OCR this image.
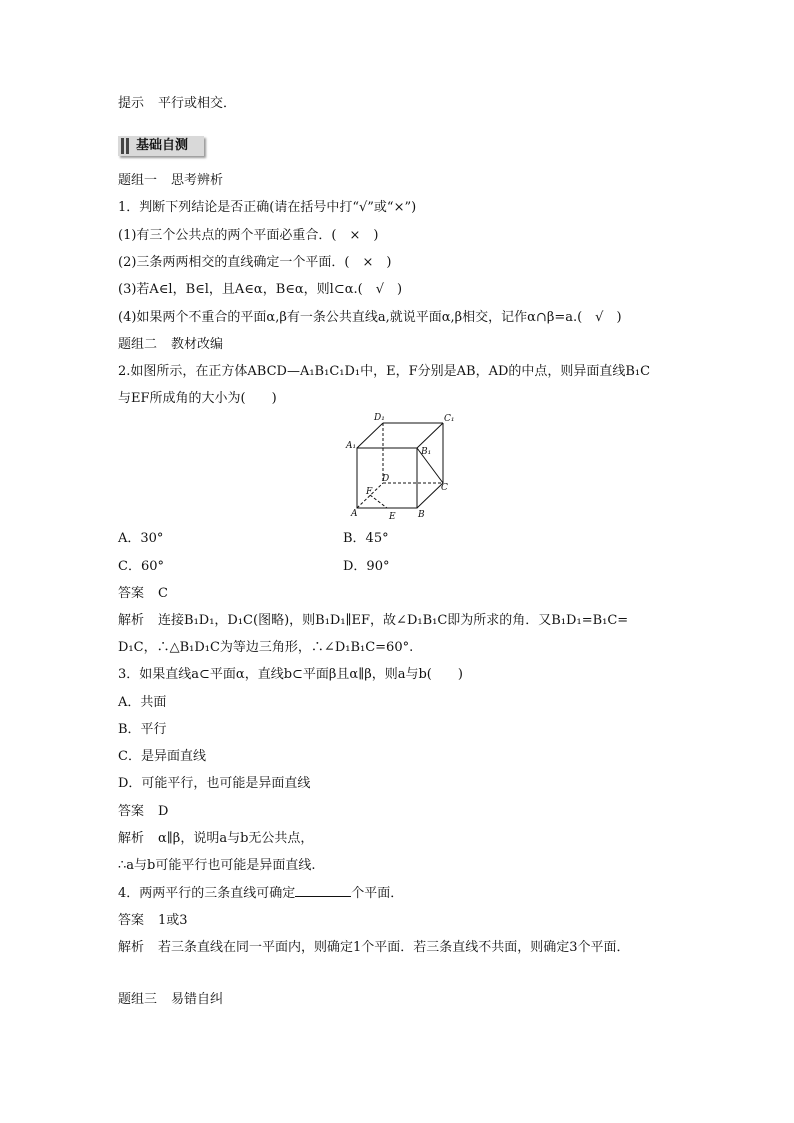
提示 平行或相交．
基础自测
题组一 思考辨析
1．判断下列结论是否正确(请在括号中打“√”或“×”)
(1)有三个公共点的两个平面必重合．(　×　)
(2)三条两两相交的直线确定一个平面．(　×　)
(3)若A∈l，B∈l，且A∈α，B∈α，则l⊂α.(　√　)
(4)如果两个不重合的平面α,β有一条公共直线a,就说平面α,β相交，记作α∩β=a.(　√　)
题组二 教材改编
2.如图所示，在正方体ABCD—A₁B₁C₁D₁中，E，F分别是AB，AD的中点，则异面直线B₁C
与EF所成角的大小为(　　)
D₁	C₁
A₁
B₁
D
F	C
A	E B
A．30°	B．45°
C．60°	D．90°
答案 C
解析 连接B₁D₁，D₁C(图略)，则B₁D₁∥EF，故∠D₁B₁C即为所求的角．又B₁D₁=B₁C=
D₁C，∴△B₁D₁C为等边三角形，∴∠D₁B₁C=60°.
3．如果直线a⊂平面α，直线b⊂平面β且α∥β，则a与b(　　)
A．共面
B．平行
C．是异面直线
D．可能平行，也可能是异面直线
答案 D
解析 α∥β，说明a与b无公共点，
∴a与b可能平行也可能是异面直线.
4．两两平行的三条直线可确定	个平面．
答案 1或3
解析 若三条直线在同一平面内，则确定1个平面．若三条直线不共面，则确定3个平面．
题组三 易错自纠
